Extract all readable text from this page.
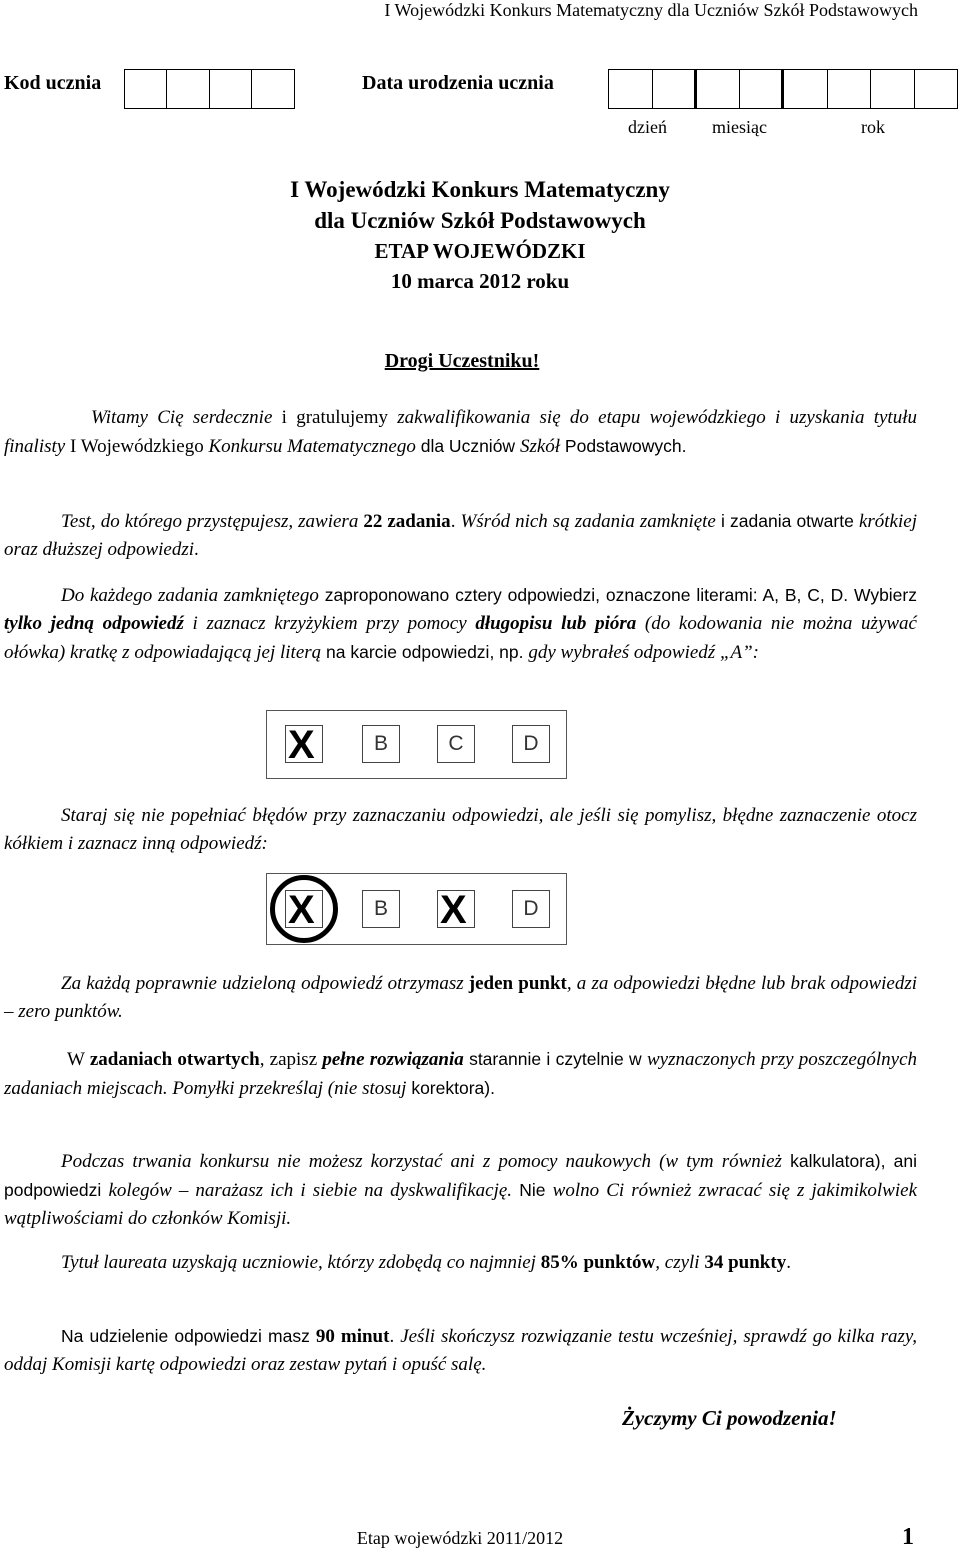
I Wojewódzki Konkurs Matematyczny dla Uczniów Szkół Podstawowych
Kod ucznia	Data urodzenia ucznia
dzień	miesiąc	rok
I Wojewódzki Konkurs Matematyczny
dla Uczniów Szkół Podstawowych
ETAP WOJEWÓDZKI
10 marca 2012 roku
Drogi Uczestniku!
Witamy Cię serdecznie i gratulujemy zakwalifikowania się do etapu wojewódzkiego i uzyskania tytułu finalisty I Wojewódzkiego Konkursu Matematycznego dla Uczniów Szkół Podstawowych.
Test, do którego przystępujesz, zawiera 22 zadania. Wśród nich są zadania zamknięte i zadania otwarte krótkiej oraz dłuższej odpowiedzi.
Do każdego zadania zamkniętego zaproponowano cztery odpowiedzi, oznaczone literami: A, B, C, D. Wybierz tylko jedną odpowiedź i zaznacz krzyżykiem przy pomocy długopisu lub pióra (do kodowania nie można używać ołówka) kratkę z odpowiadającą jej literą na karcie odpowiedzi, np. gdy wybrałeś odpowiedź „A”:
X	B	C	D
Staraj się nie popełniać błędów przy zaznaczaniu odpowiedzi, ale jeśli się pomylisz, błędne zaznaczenie otocz kółkiem i zaznacz inną odpowiedź:
X	B	X	D
Za każdą poprawnie udzieloną odpowiedź otrzymasz jeden punkt, a za odpowiedzi błędne lub brak odpowiedzi – zero punktów.
W zadaniach otwartych, zapisz pełne rozwiązania starannie i czytelnie w wyznaczonych przy poszczególnych zadaniach miejscach. Pomyłki przekreślaj (nie stosuj korektora).
Podczas trwania konkursu nie możesz korzystać ani z pomocy naukowych (w tym również kalkulatora), ani podpowiedzi kolegów – narażasz ich i siebie na dyskwalifikację. Nie wolno Ci również zwracać się z jakimikolwiek wątpliwościami do członków Komisji.
Tytuł laureata uzyskają uczniowie, którzy zdobędą co najmniej 85% punktów, czyli 34 punkty.
Na udzielenie odpowiedzi masz 90 minut. Jeśli skończysz rozwiązanie testu wcześniej, sprawdź go kilka razy, oddaj Komisji kartę odpowiedzi oraz zestaw pytań i opuść salę.
Życzymy Ci powodzenia!
Etap wojewódzki 2011/2012	1
